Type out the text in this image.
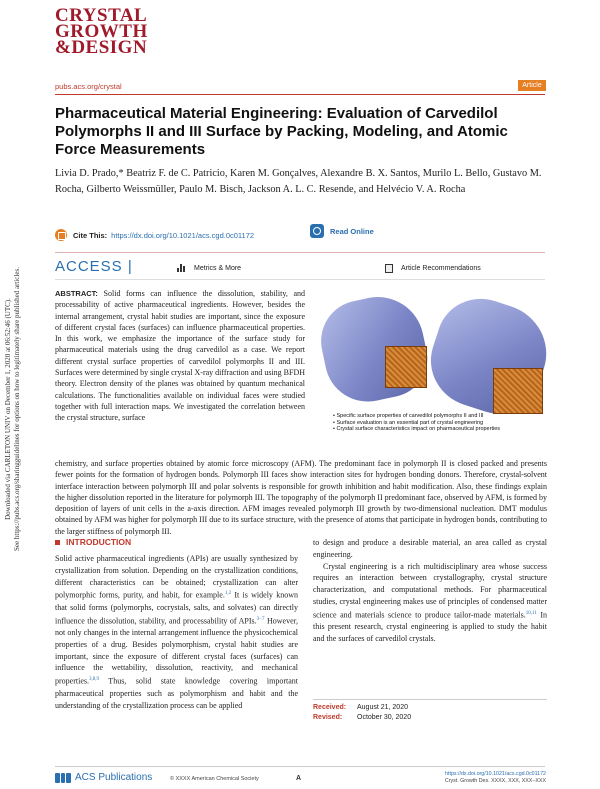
CRYSTAL
GROWTH
&DESIGN
pubs.acs.org/crystal	Article
Downloaded via CARLETON UNIV on December 1, 2020 at 06:52:46 (UTC). See https://pubs.acs.org/sharingguidelines for options on how to legitimately share published articles.
Pharmaceutical Material Engineering: Evaluation of Carvedilol Polymorphs II and III Surface by Packing, Modeling, and Atomic Force Measurements
Livia D. Prado,* Beatriz F. de C. Patricio, Karen M. Gonçalves, Alexandre B. X. Santos, Murilo L. Bello, Gustavo M. Rocha, Gilberto Weissmüller, Paulo M. Bisch, Jackson A. L. C. Resende, and Helvécio V. A. Rocha
Cite This: https://dx.doi.org/10.1021/acs.cgd.0c01172	Read Online
ACCESS |	Metrics & More	Article Recommendations

ABSTRACT: Solid forms can influence the dissolution, stability, and processability of active pharmaceutical ingredients. However, besides the internal arrangement, crystal habit studies are important, since the exposure of different crystal faces (surfaces) can influence pharmaceutical properties. In this work, we emphasize the importance of the surface study for pharmaceutical materials using the drug carvedilol as a case. We report different crystal surface properties of carvedilol polymorphs II and III. Surfaces were determined by single crystal X-ray diffraction and using BFDH theory. Electron density of the planes was obtained by quantum mechanical calculations. The functionalities available on individual faces were studied together with full interaction maps. We investigated the correlation between the crystal structure, surface

•	Specific surface properties of carvedilol polymorphs II and III
• Surface evaluation is an essential part of crystal engineering
• Crystal surface characteristics impact on pharmaceutical properties

chemistry, and surface properties obtained by atomic force microscopy (AFM). The predominant face in polymorph II is closed packed and presents fewer points for the formation of hydrogen bonds. Polymorph III faces show interaction sites for hydrogen bonding donors. Therefore, crystal-solvent interface interaction between polymorph III and polar solvents is responsible for growth inhibition and habit modification. Also, these findings explain the higher dissolution reported in the literature for polymorph III. The topography of the polymorph II predominant face, observed by AFM, is formed by deposition of layers of unit cells in the a-axis direction. AFM images revealed polymorph III growth by two-dimensional nucleation. DMT modulus obtained by AFM was higher for polymorph III due to its surface structure, with the presence of atoms that participate in hydrogen bonds, contributing to the larger stiffness of polymorph III.

INTRODUCTION

Solid active pharmaceutical ingredients (APIs) are usually synthesized by crystallization from solution. Depending on the crystallization conditions, different characteristics can be obtained; crystallization can alter polymorphic forms, purity, and habit, for example.$^{1,2}$ It is widely known that solid forms (polymorphs, cocrystals, salts, and solvates) can directly influence the dissolution, stability, and processability of APIs.$^{3-7}$ However, not only changes in the internal arrangement influence the physicochemical properties of a drug. Besides polymorphism, crystal habit studies are important, since the exposure of different crystal faces (surfaces) can influence the wettability, dissolution, reactivity, and mechanical properties.$^{3,8,9}$ Thus, solid state knowledge covering important pharmaceutical properties such as polymorphism and habit and the understanding of the crystallization process can be applied

to design and produce a desirable material, an area called as crystal engineering.

Crystal engineering is a rich multidisciplinary area whose success requires an interaction between crystallography, crystal structure characterization, and computational methods. For pharmaceutical studies, crystal engineering makes use of principles of condensed matter science and materials science to produce tailor-made materials.$^{10,11}$ In this present research, crystal engineering is applied to study the habit and the surfaces of carvedilol crystals.

Received: August 21, 2020
Revised: October 30, 2020
ACS Publications	© XXXX American Chemical Society	A
https://dx.doi.org/10.1021/acs.cgd.0c01172
Cryst. Growth Des. XXXX, XXX, XXX−XXX
